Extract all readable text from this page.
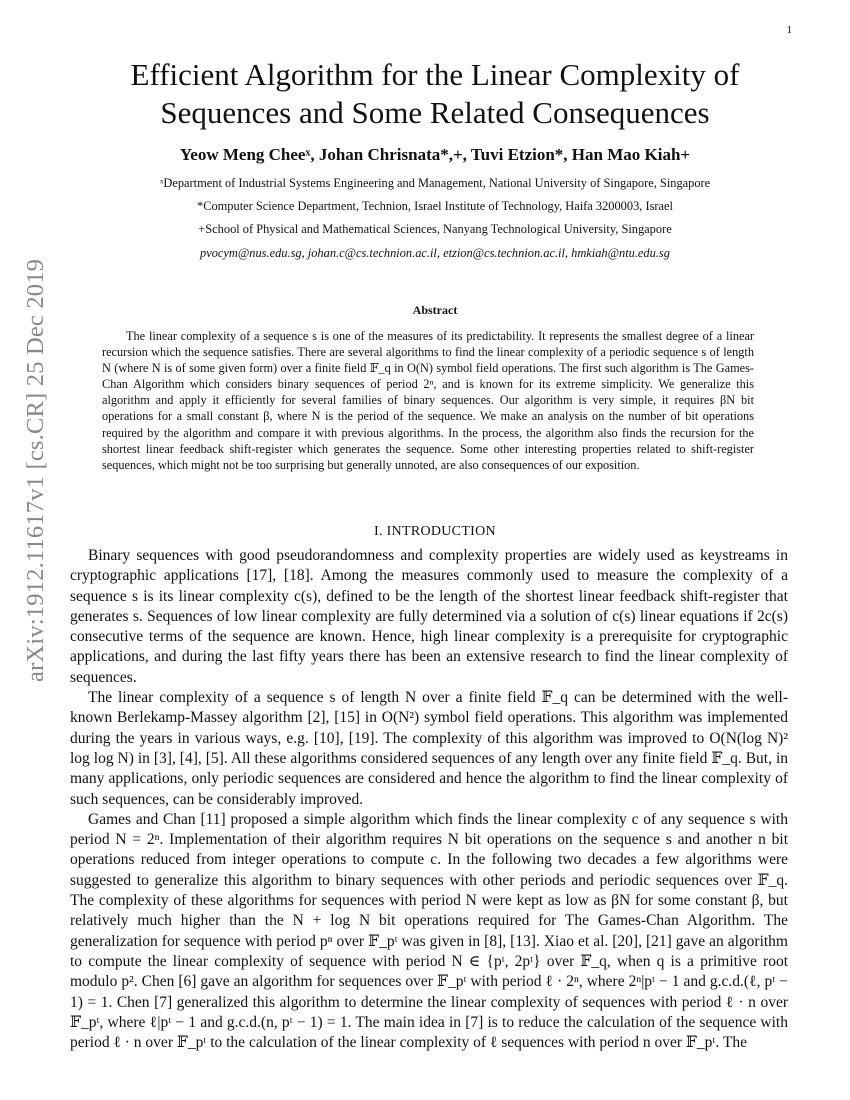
1
arXiv:1912.11617v1 [cs.CR] 25 Dec 2019
Efficient Algorithm for the Linear Complexity of
Sequences and Some Related Consequences
Yeow Meng Cheeˣ, Johan Chrisnata*,+, Tuvi Etzion*, Han Mao Kiah+
ˣDepartment of Industrial Systems Engineering and Management, National University of Singapore, Singapore
*Computer Science Department, Technion, Israel Institute of Technology, Haifa 3200003, Israel
+School of Physical and Mathematical Sciences, Nanyang Technological University, Singapore
pvocym@nus.edu.sg, johan.c@cs.technion.ac.il, etzion@cs.technion.ac.il, hmkiah@ntu.edu.sg
Abstract

The linear complexity of a sequence s is one of the measures of its predictability. It represents the smallest degree of a linear recursion which the sequence satisfies. There are several algorithms to find the linear complexity of a periodic sequence s of length N (where N is of some given form) over a finite field 𝔽_q in O(N) symbol field operations. The first such algorithm is The Games-Chan Algorithm which considers binary sequences of period 2ⁿ, and is known for its extreme simplicity. We generalize this algorithm and apply it efficiently for several families of binary sequences. Our algorithm is very simple, it requires βN bit operations for a small constant β, where N is the period of the sequence. We make an analysis on the number of bit operations required by the algorithm and compare it with previous algorithms. In the process, the algorithm also finds the recursion for the shortest linear feedback shift-register which generates the sequence. Some other interesting properties related to shift-register sequences, which might not be too surprising but generally unnoted, are also consequences of our exposition.

I. INTRODUCTION

Binary sequences with good pseudorandomness and complexity properties are widely used as keystreams in cryptographic applications [17], [18]. Among the measures commonly used to measure the complexity of a sequence s is its linear complexity c(s), defined to be the length of the shortest linear feedback shift-register that generates s. Sequences of low linear complexity are fully determined via a solution of c(s) linear equations if 2c(s) consecutive terms of the sequence are known. Hence, high linear complexity is a prerequisite for cryptographic applications, and during the last fifty years there has been an extensive research to find the linear complexity of sequences.

The linear complexity of a sequence s of length N over a finite field 𝔽_q can be determined with the well-known Berlekamp-Massey algorithm [2], [15] in O(N²) symbol field operations. This algorithm was implemented during the years in various ways, e.g. [10], [19]. The complexity of this algorithm was improved to O(N(log N)² log log N) in [3], [4], [5]. All these algorithms considered sequences of any length over any finite field 𝔽_q. But, in many applications, only periodic sequences are considered and hence the algorithm to find the linear complexity of such sequences, can be considerably improved.

Games and Chan [11] proposed a simple algorithm which finds the linear complexity c of any sequence s with period N = 2ⁿ. Implementation of their algorithm requires N bit operations on the sequence s and another n bit operations reduced from integer operations to compute c. In the following two decades a few algorithms were suggested to generalize this algorithm to binary sequences with other periods and periodic sequences over 𝔽_q. The complexity of these algorithms for sequences with period N were kept as low as βN for some constant β, but relatively much higher than the N + log N bit operations required for The Games-Chan Algorithm. The generalization for sequence with period pⁿ over 𝔽_pᵗ was given in [8], [13]. Xiao et al. [20], [21] gave an algorithm to compute the linear complexity of sequence with period N ∈ {pᵗ, 2pᵗ} over 𝔽_q, when q is a primitive root modulo p². Chen [6] gave an algorithm for sequences over 𝔽_pᵗ with period ℓ · 2ⁿ, where 2ⁿ|pᵗ − 1 and g.c.d.(ℓ, pᵗ − 1) = 1. Chen [7] generalized this algorithm to determine the linear complexity of sequences with period ℓ · n over 𝔽_pᵗ, where ℓ|pᵗ − 1 and g.c.d.(n, pᵗ − 1) = 1. The main idea in [7] is to reduce the calculation of the sequence with period ℓ · n over 𝔽_pᵗ to the calculation of the linear complexity of ℓ sequences with period n over 𝔽_pᵗ. The
